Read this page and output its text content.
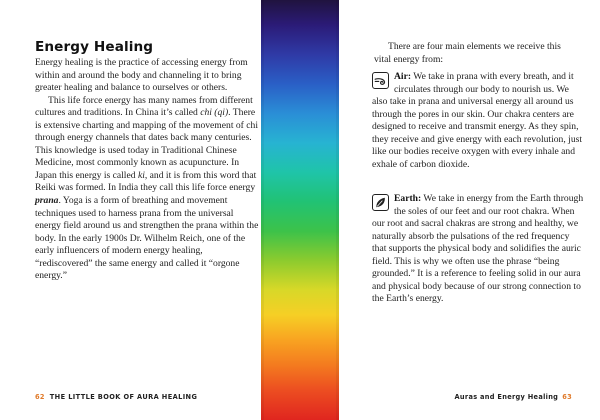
Energy Healing

Energy healing is the practice of accessing energy from within and around the body and channeling it to bring greater healing and balance to ourselves or others.

This life force energy has many names from different cultures and traditions. In China it’s called chi (qi). There is extensive charting and mapping of the movement of chi through energy channels that dates back many centuries. This knowledge is used today in Traditional Chinese Medicine, most commonly known as acupuncture. In Japan this energy is called ki, and it is from this word that Reiki was formed. In India they call this life force energy prana. Yoga is a form of breathing and movement techniques used to harness prana from the universal energy field around us and strengthen the prana within the body. In the early 1900s Dr. Wilhelm Reich, one of the early influencers of modern energy healing, “rediscovered” the same energy and called it “orgone energy.”

62 THE LITTLE BOOK OF AURA HEALING

There are four main elements we receive this vital energy from:

Air: We take in prana with every breath, and it circulates through our body to nourish us. We also take in prana and universal energy all around us through the pores in our skin. Our chakra centers are designed to receive and transmit energy. As they spin, they receive and give energy with each revolution, just like our bodies receive oxygen with every inhale and exhale of carbon dioxide.

Earth: We take in energy from the Earth through the soles of our feet and our root chakra. When our root and sacral chakras are strong and healthy, we naturally absorb the pulsations of the red frequency that supports the physical body and solidifies the auric field. This is why we often use the phrase “being grounded.” It is a reference to feeling solid in our aura and physical body because of our strong connection to the Earth’s energy.

Auras and Energy Healing 63
